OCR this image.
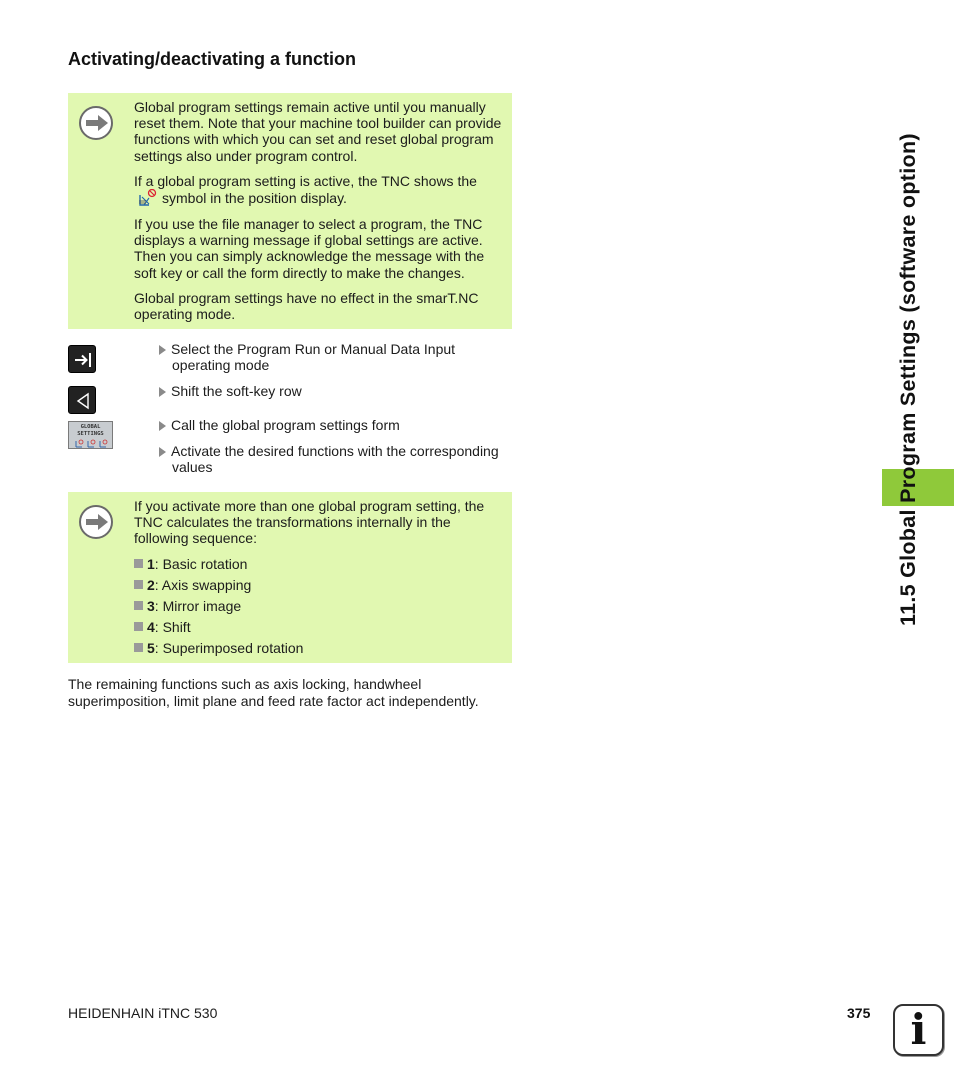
Activating/deactivating a function

Global program settings remain active until you manually reset them. Note that your machine tool builder can provide functions with which you can set and reset global program settings also under program control.

If a global program setting is active, the TNC shows thesymbol in the position display.

If you use the file manager to select a program, the TNC displays a warning message if global settings are active. Then you can simply acknowledge the message with the soft key or call the form directly to make the changes.

Global program settings have no effect in the smarT.NC operating mode.

GLOBAL
SETTINGS
Select the Program Run or Manual Data Input
operating mode
Shift the soft-key row
Call the global program settings form
Activate the desired functions with the corresponding
values

If you activate more than one global program setting, the TNC calculates the transformations internally in the following sequence:

1: Basic rotation
2: Axis swapping
3: Mirror image
4: Shift
5: Superimposed rotation
The remaining functions such as axis locking, handwheel superimposition, limit plane and feed rate factor act independently.
11.5 Global Program Settings (software option)
HEIDENHAIN iTNC 530	375 i
